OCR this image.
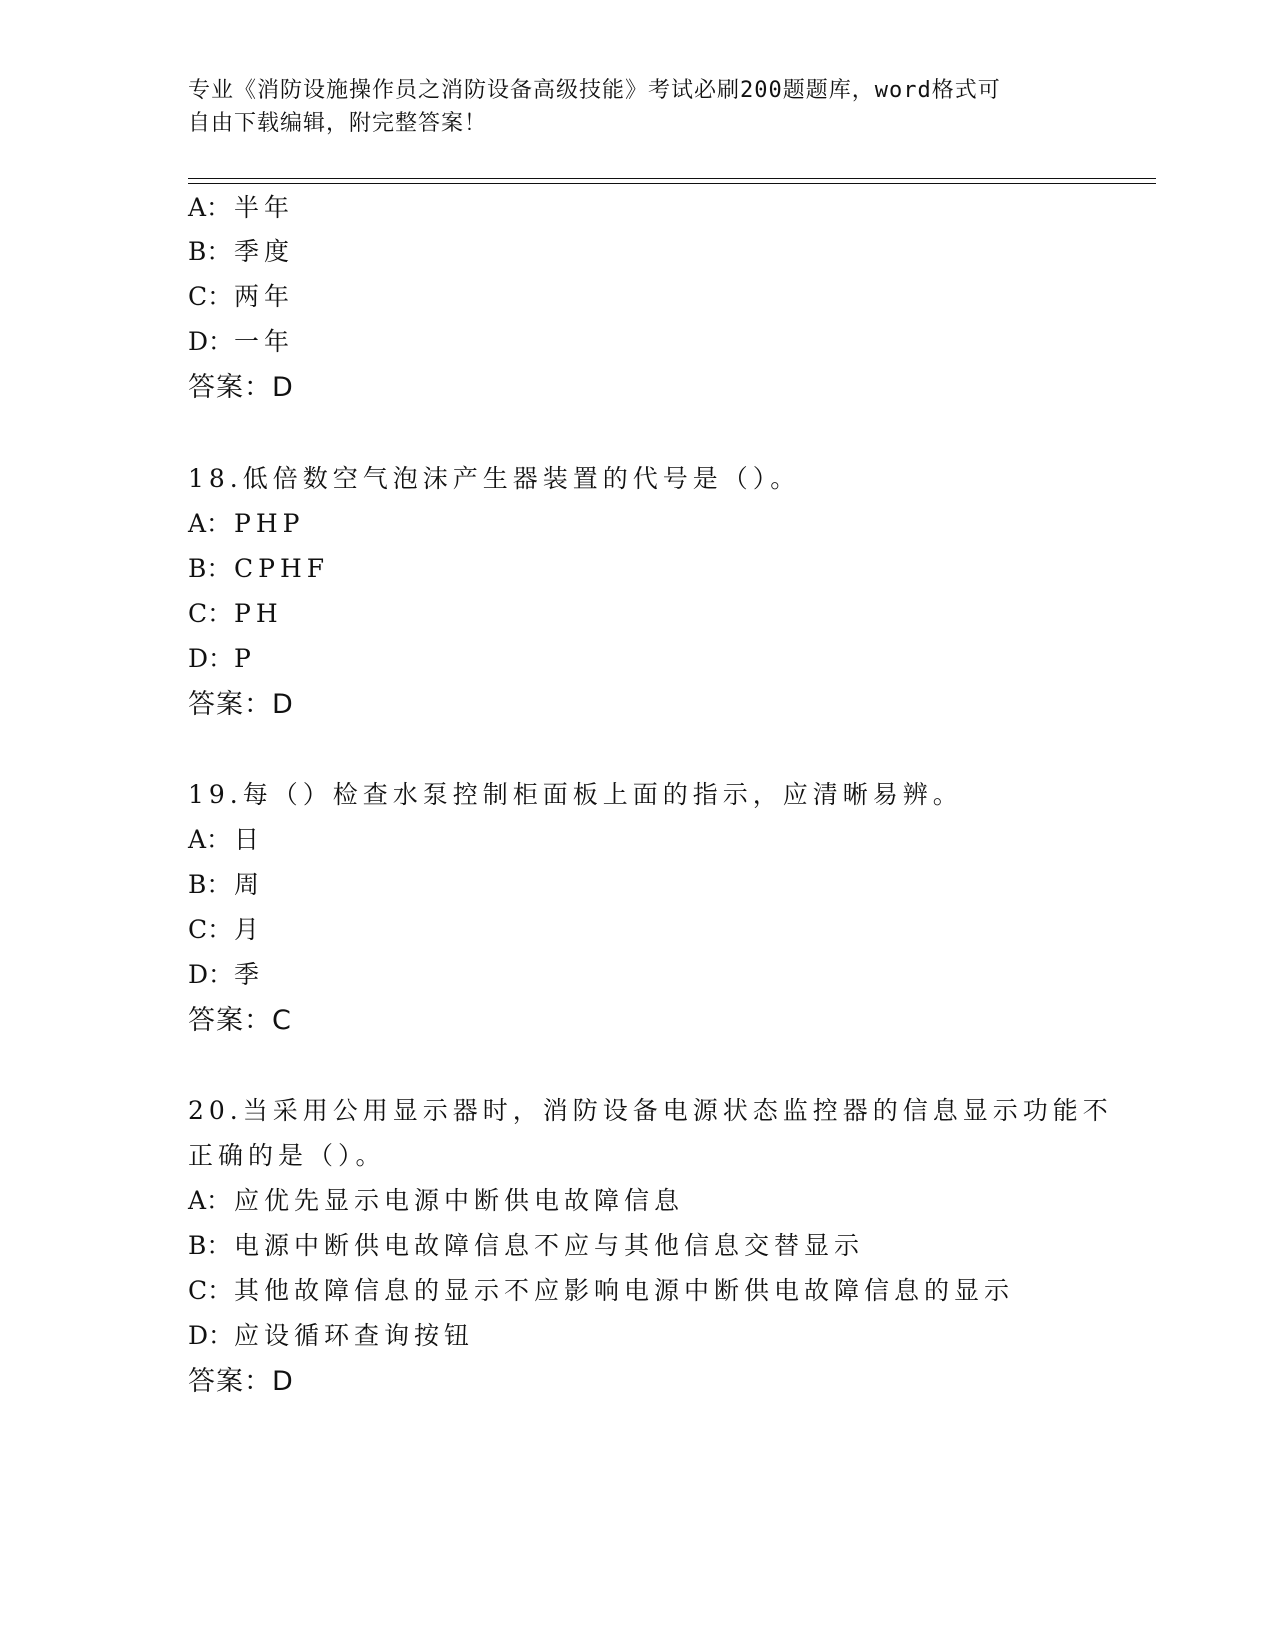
专业《消防设施操作员之消防设备高级技能》考试必刷200题题库，word格式可
自由下载编辑，附完整答案！
A： 半年
B： 季度
C：两年
D：一年
答案：D
18.低倍数空气泡沫产生器装置的代号是（）。
A： PHP
B： CPHF
C：PH
D：P
答案：D
19.每（）检查水泵控制柜面板上面的指示，应清晰易辨。
A： 日
B： 周
C：月
D：季
答案：C
20.当采用公用显示器时，消防设备电源状态监控器的信息显示功能不
正确的是（）。
A： 应优先显示电源中断供电故障信息
B： 电源中断供电故障信息不应与其他信息交替显示
C：其他故障信息的显示不应影响电源中断供电故障信息的显示
D：应设循环查询按钮
答案：D
